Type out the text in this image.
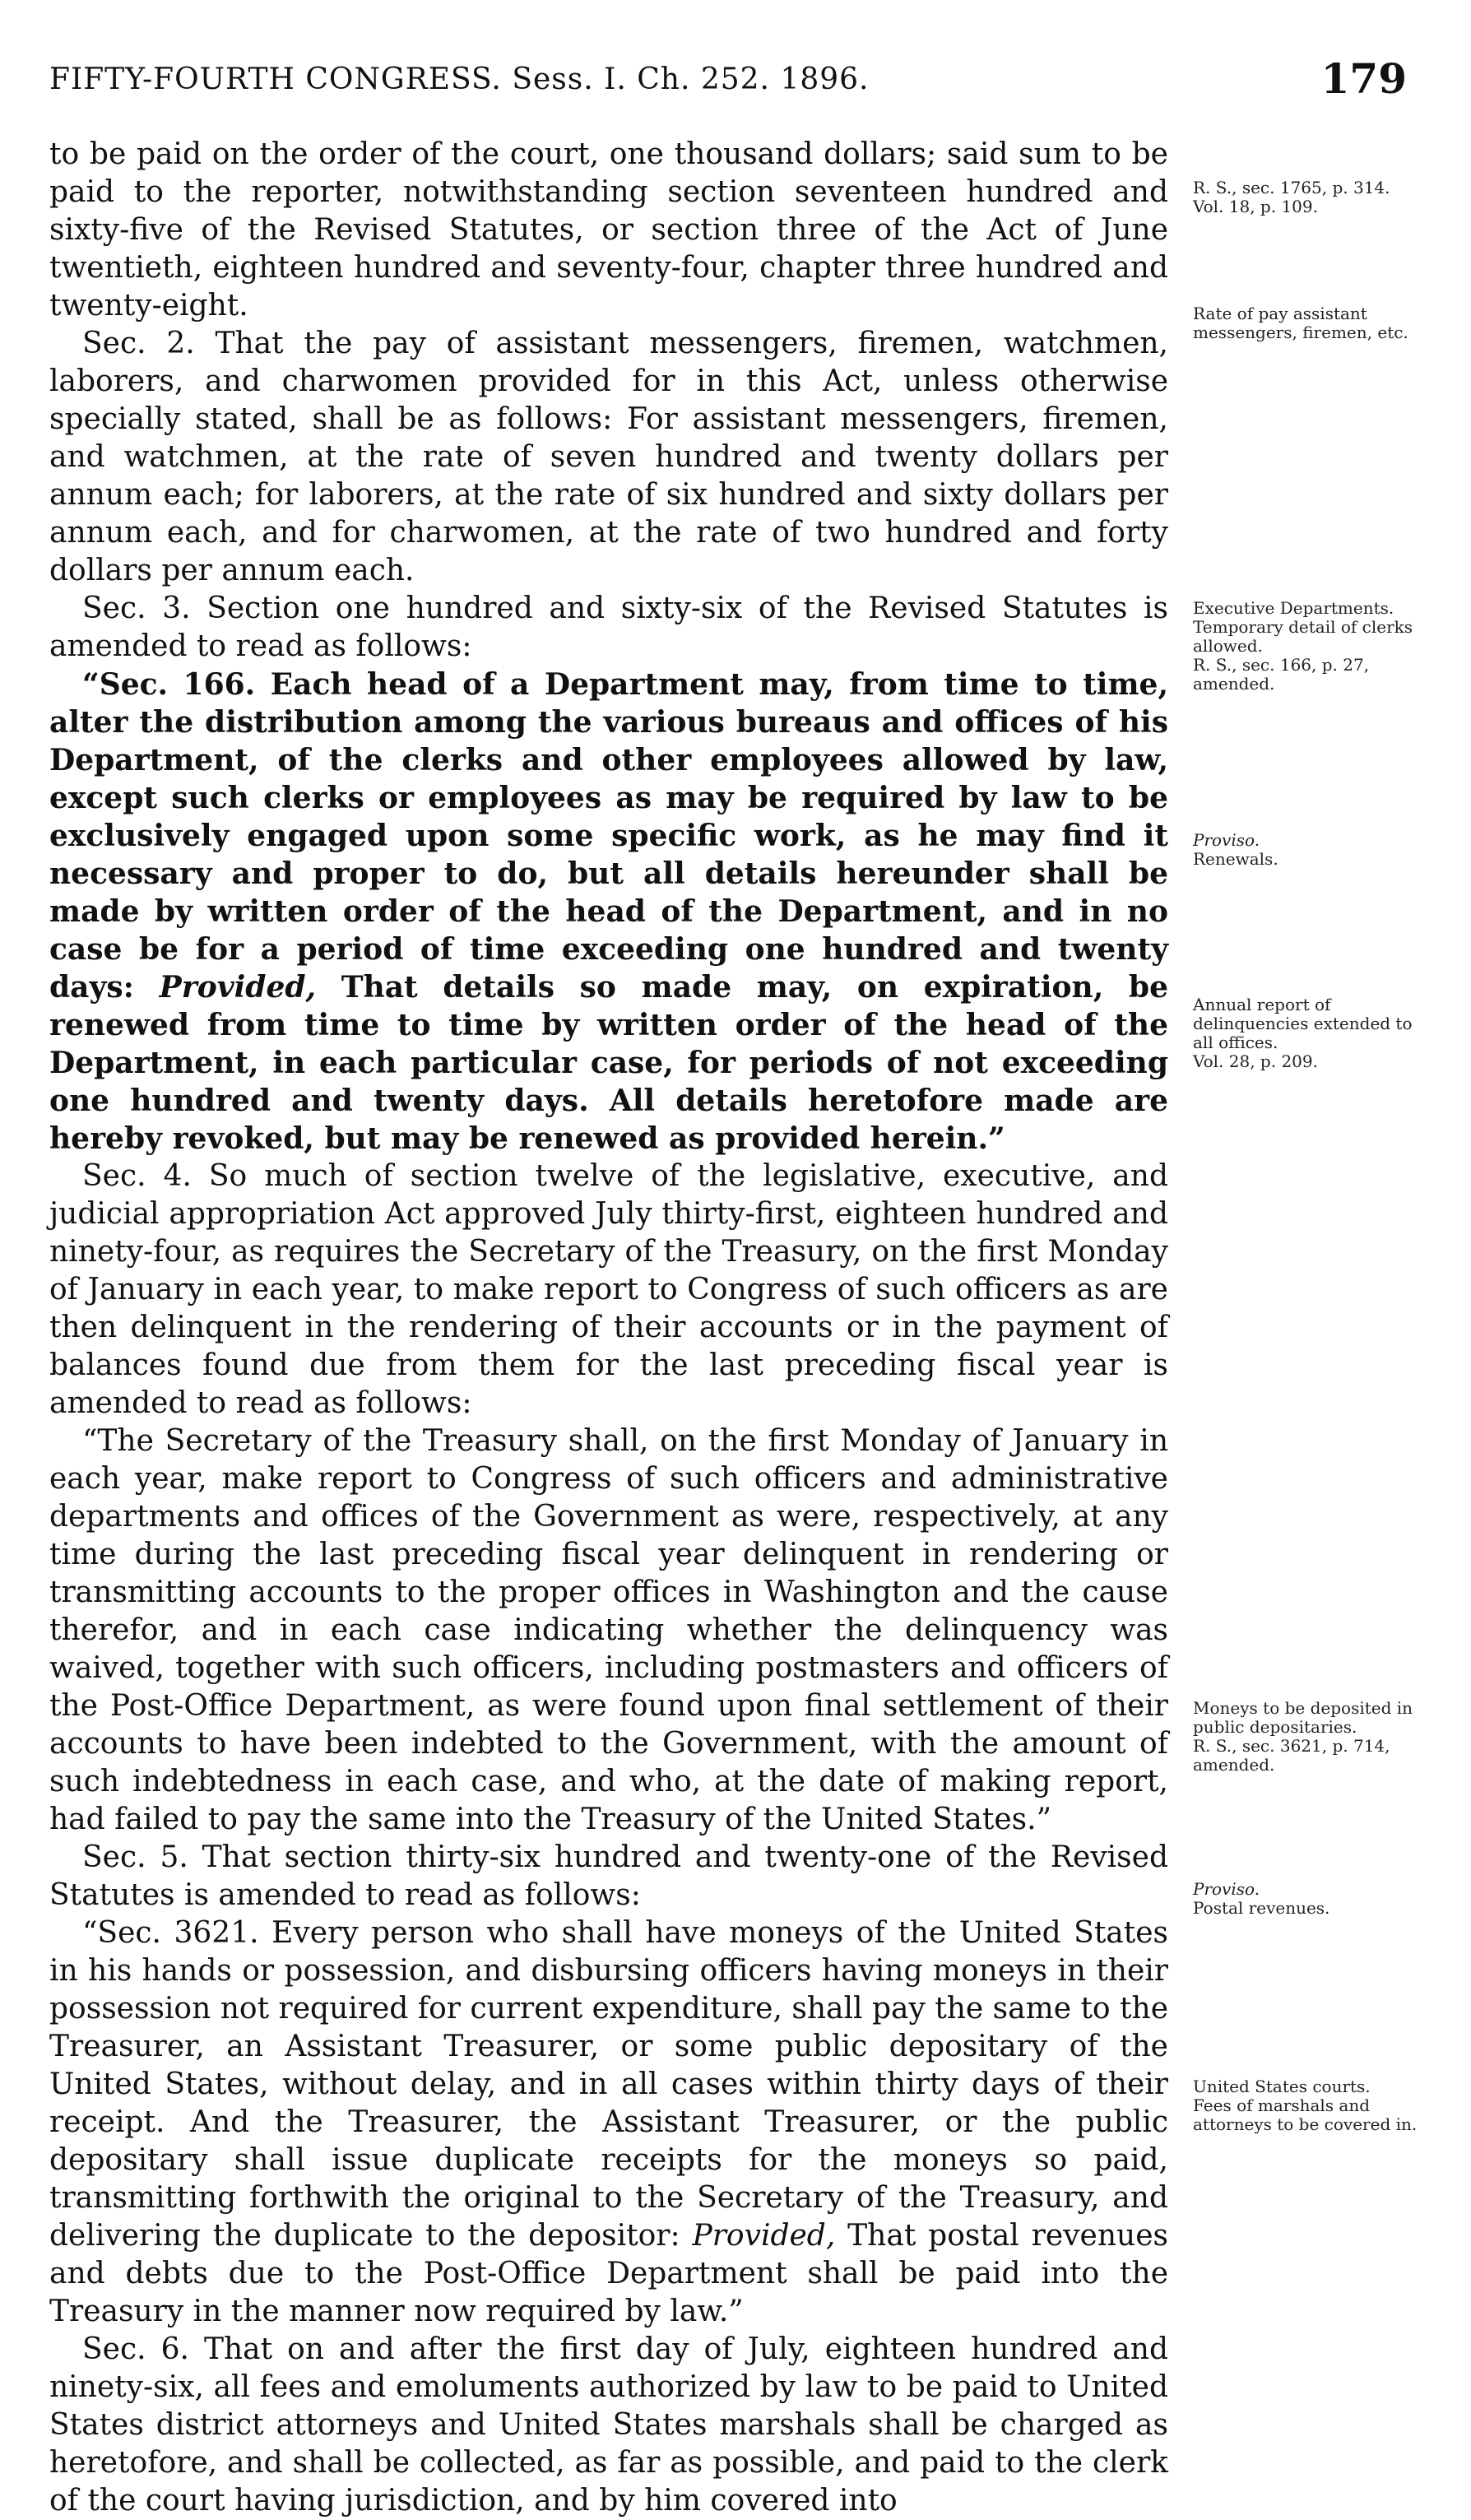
FIFTY-FOURTH CONGRESS. Sess. I. Ch. 252. 1896.	179

to be paid on the order of the court, one thousand dollars; said sum to be paid to the reporter, notwithstanding section seventeen hundred and sixty-five of the Revised Statutes, or section three of the Act of June twentieth, eighteen hundred and seventy-four, chapter three hundred and twenty-eight.

Sec. 2. That the pay of assistant messengers, firemen, watchmen, laborers, and charwomen provided for in this Act, unless otherwise specially stated, shall be as follows: For assistant messengers, firemen, and watchmen, at the rate of seven hundred and twenty dollars per annum each; for laborers, at the rate of six hundred and sixty dollars per annum each, and for charwomen, at the rate of two hundred and forty dollars per annum each.

Sec. 3. Section one hundred and sixty-six of the Revised Statutes is amended to read as follows:

“Sec. 166. Each head of a Department may, from time to time, alter the distribution among the various bureaus and offices of his Department, of the clerks and other employees allowed by law, except such clerks or employees as may be required by law to be exclusively engaged upon some specific work, as he may find it necessary and proper to do, but all details hereunder shall be made by written order of the head of the Department, and in no case be for a period of time exceeding one hundred and twenty days: Provided, That details so made may, on expiration, be renewed from time to time by written order of the head of the Department, in each particular case, for periods of not exceeding one hundred and twenty days. All details heretofore made are hereby revoked, but may be renewed as provided herein.”

Sec. 4. So much of section twelve of the legislative, executive, and judicial appropriation Act approved July thirty-first, eighteen hundred and ninety-four, as requires the Secretary of the Treasury, on the first Monday of January in each year, to make report to Congress of such officers as are then delinquent in the rendering of their accounts or in the payment of balances found due from them for the last preceding fiscal year is amended to read as follows:

“The Secretary of the Treasury shall, on the first Monday of January in each year, make report to Congress of such officers and administrative departments and offices of the Government as were, respectively, at any time during the last preceding fiscal year delinquent in rendering or transmitting accounts to the proper offices in Washington and the cause therefor, and in each case indicating whether the delinquency was waived, together with such officers, including postmasters and officers of the Post-Office Department, as were found upon final settlement of their accounts to have been indebted to the Government, with the amount of such indebtedness in each case, and who, at the date of making report, had failed to pay the same into the Treasury of the United States.”

Sec. 5. That section thirty-six hundred and twenty-one of the Revised Statutes is amended to read as follows:

“Sec. 3621. Every person who shall have moneys of the United States in his hands or possession, and disbursing officers having moneys in their possession not required for current expenditure, shall pay the same to the Treasurer, an Assistant Treasurer, or some public depositary of the United States, without delay, and in all cases within thirty days of their receipt. And the Treasurer, the Assistant Treasurer, or the public depositary shall issue duplicate receipts for the moneys so paid, transmitting forthwith the original to the Secretary of the Treasury, and delivering the duplicate to the depositor: Provided, That postal revenues and debts due to the Post-Office Department shall be paid into the Treasury in the manner now required by law.”

Sec. 6. That on and after the first day of July, eighteen hundred and ninety-six, all fees and emoluments authorized by law to be paid to United States district attorneys and United States marshals shall be charged as heretofore, and shall be collected, as far as possible, and paid to the clerk of the court having jurisdiction, and by him covered into

R. S., sec. 1765, p. 314.
Vol. 18, p. 109.
Rate of pay assistant messengers, firemen, etc.
Executive Departments.
Temporary detail of clerks allowed.
R. S., sec. 166, p. 27, amended.
Proviso.
Renewals.
Annual report of delinquencies extended to all offices.
Vol. 28, p. 209.
Moneys to be deposited in public depositaries.
R. S., sec. 3621, p. 714, amended.
Proviso.
Postal revenues.
United States courts.
Fees of marshals and attorneys to be covered in.
